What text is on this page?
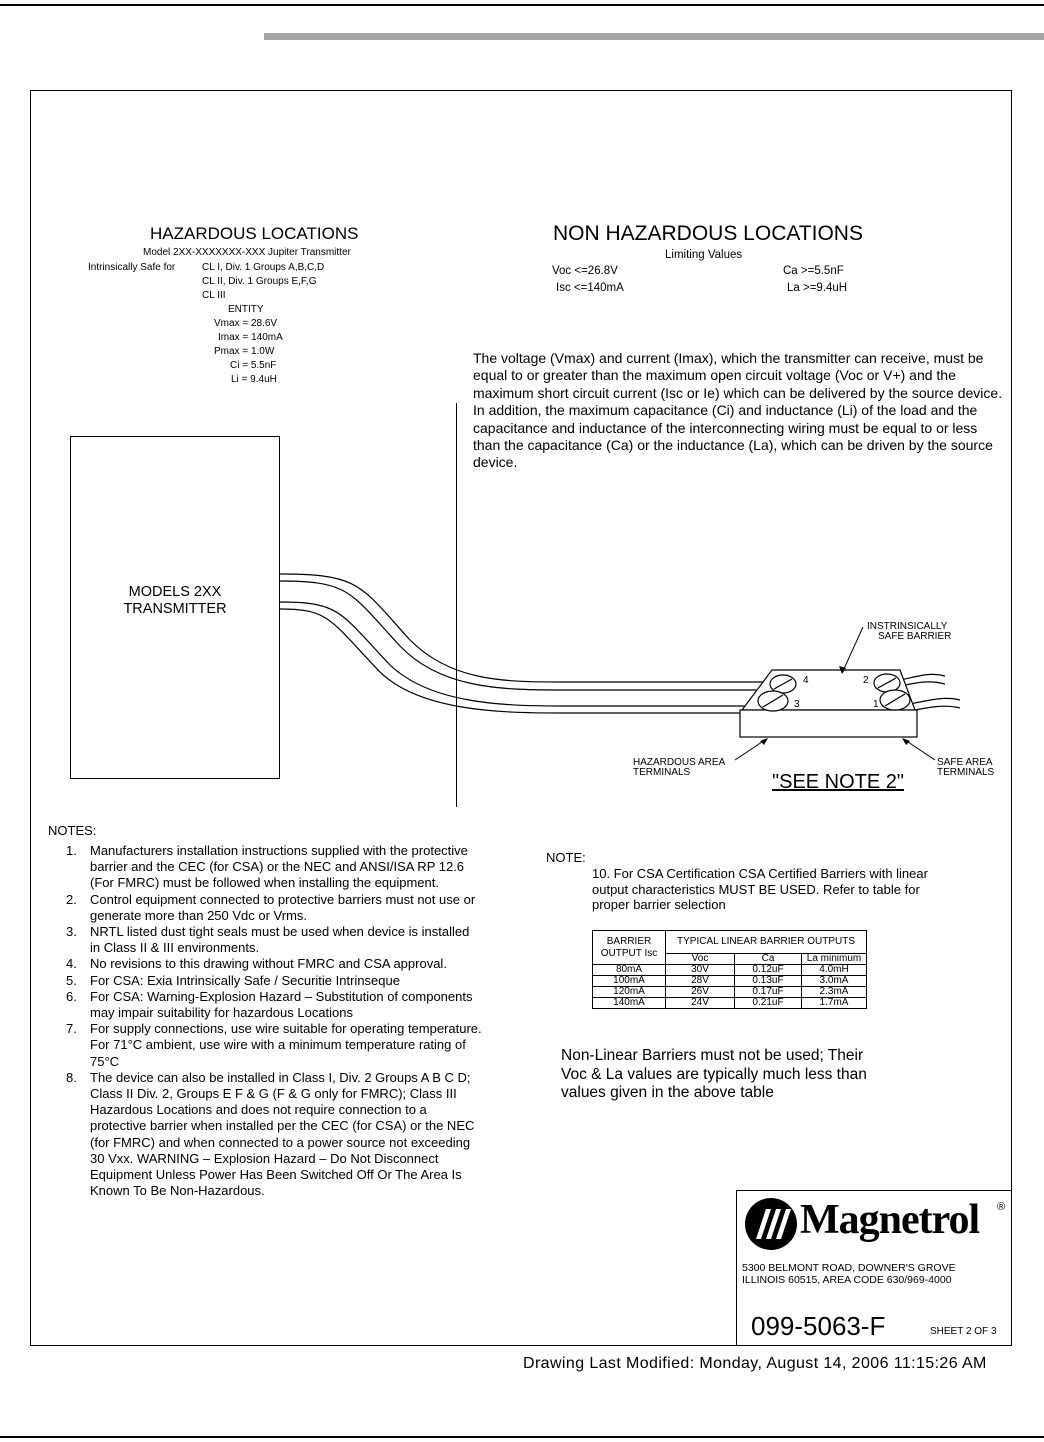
HAZARDOUS LOCATIONS
Model 2XX-XXXXXXX-XXX Jupiter Transmitter
Intrinsically Safe for	CL I, Div. 1 Groups A,B,C,D
CL II, Div. 1 Groups E,F,G
CL III
ENTITY
Vmax = 28.6V
Imax = 140mA
Pmax = 1.0W
Ci = 5.5nF
Li = 9.4uH
NON HAZARDOUS LOCATIONS
Limiting Values
Voc <=26.8V
Isc <=140mA
Ca >=5.5nF
La >=9.4uH
The voltage (Vmax) and current (Imax), which the transmitter can receive, must be equal to or greater than the maximum open circuit voltage (Voc or V+) and the maximum short circuit current (Isc or Ie) which can be delivered by the source device. In addition, the maximum capacitance (Ci) and inductance (Li) of the load and the capacitance and inductance of the interconnecting wiring must be equal to or less than the capacitance (Ca) or the inductance (La), which can be driven by the source device.
MODELS 2XX
TRANSMITTER
4
3
2
1
INSTRINSICALLY
SAFE BARRIER
HAZARDOUS AREA
TERMINALS
SAFE AREA
TERMINALS
"SEE NOTE 2"
NOTES:
1. Manufacturers installation instructions supplied with the protective barrier and the CEC (for CSA) or the NEC and ANSI/ISA RP 12.6 (For FMRC) must be followed when installing the equipment.
2. Control equipment connected to protective barriers must not use or generate more than 250 Vdc or Vrms.
3. NRTL listed dust tight seals must be used when device is installed in Class II & III environments.
4. No revisions to this drawing without FMRC and CSA approval.
5. For CSA: Exia Intrinsically Safe / Securitie Intrinseque
6. For CSA: Warning-Explosion Hazard – Substitution of components may impair suitability for hazardous Locations
7. For supply connections, use wire suitable for operating temperature. For 71°C ambient, use wire with a minimum temperature rating of 75°C
8. The device can also be installed in Class I, Div. 2 Groups A B C D; Class II Div. 2, Groups E F & G (F & G only for FMRC); Class III Hazardous Locations and does not require connection to a protective barrier when installed per the CEC (for CSA) or the NEC (for FMRC) and when connected to a power source not exceeding 30 Vxx. WARNING – Explosion Hazard – Do Not Disconnect Equipment Unless Power Has Been Switched Off Or The Area Is Known To Be Non-Hazardous.
NOTE:
10. For CSA Certification CSA Certified Barriers with linear output characteristics MUST BE USED. Refer to table for proper barrier selection
BARRIER OUTPUT Isc	TYPICAL LINEAR BARRIER OUTPUTS		
	Voc	Ca	La minimum
80mA	30V	0.12uF	4.0mH
100mA	28V	0.13uF	3.0mA
120mA	26V	0.17uF	2.3mA
140mA	24V	0.21uF	1.7mA
Non-Linear Barriers must not be used; Their Voc & La values are typically much less than values given in the above table
Magnetrol ®
5300 BELMONT ROAD, DOWNER'S GROVE
ILLINOIS 60515, AREA CODE 630/969-4000
099-5063-F	SHEET 2 OF 3
Drawing Last Modified: Monday, August 14, 2006 11:15:26 AM
